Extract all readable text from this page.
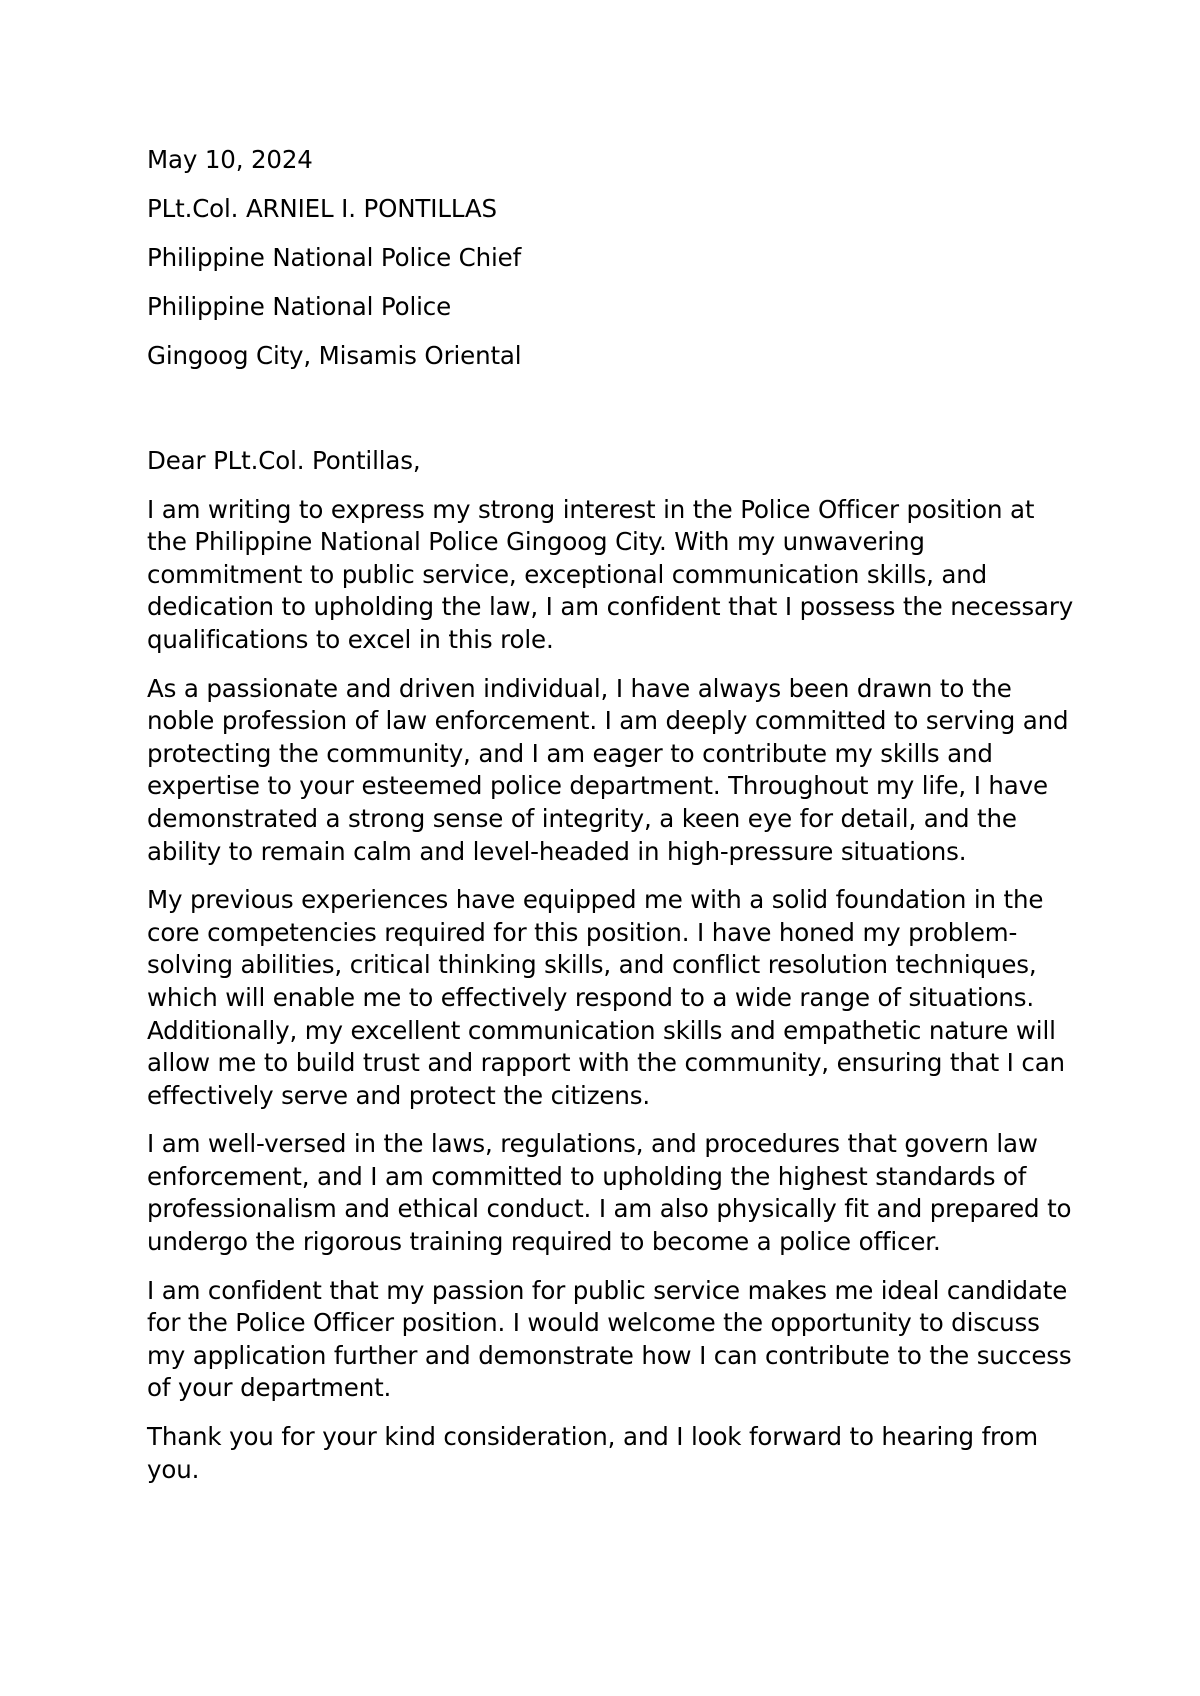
May 10, 2024

PLt.Col. ARNIEL I. PONTILLAS

Philippine National Police Chief

Philippine National Police

Gingoog City, Misamis Oriental

Dear PLt.Col. Pontillas,

I am writing to express my strong interest in the Police Officer position at the Philippine National Police Gingoog City. With my unwavering commitment to public service, exceptional communication skills, and dedication to upholding the law, I am confident that I possess the necessary qualifications to excel in this role.

As a passionate and driven individual, I have always been drawn to the noble profession of law enforcement. I am deeply committed to serving and protecting the community, and I am eager to contribute my skills and expertise to your esteemed police department. Throughout my life, I have demonstrated a strong sense of integrity, a keen eye for detail, and the ability to remain calm and level-headed in high-pressure situations.

My previous experiences have equipped me with a solid foundation in the core competencies required for this position. I have honed my problem-solving abilities, critical thinking skills, and conflict resolution techniques, which will enable me to effectively respond to a wide range of situations. Additionally, my excellent communication skills and empathetic nature will allow me to build trust and rapport with the community, ensuring that I can effectively serve and protect the citizens.

I am well-versed in the laws, regulations, and procedures that govern law enforcement, and I am committed to upholding the highest standards of professionalism and ethical conduct. I am also physically fit and prepared to undergo the rigorous training required to become a police officer.

I am confident that my passion for public service makes me ideal candidate for the Police Officer position. I would welcome the opportunity to discuss my application further and demonstrate how I can contribute to the success of your department.

Thank you for your kind consideration, and I look forward to hearing from you.
